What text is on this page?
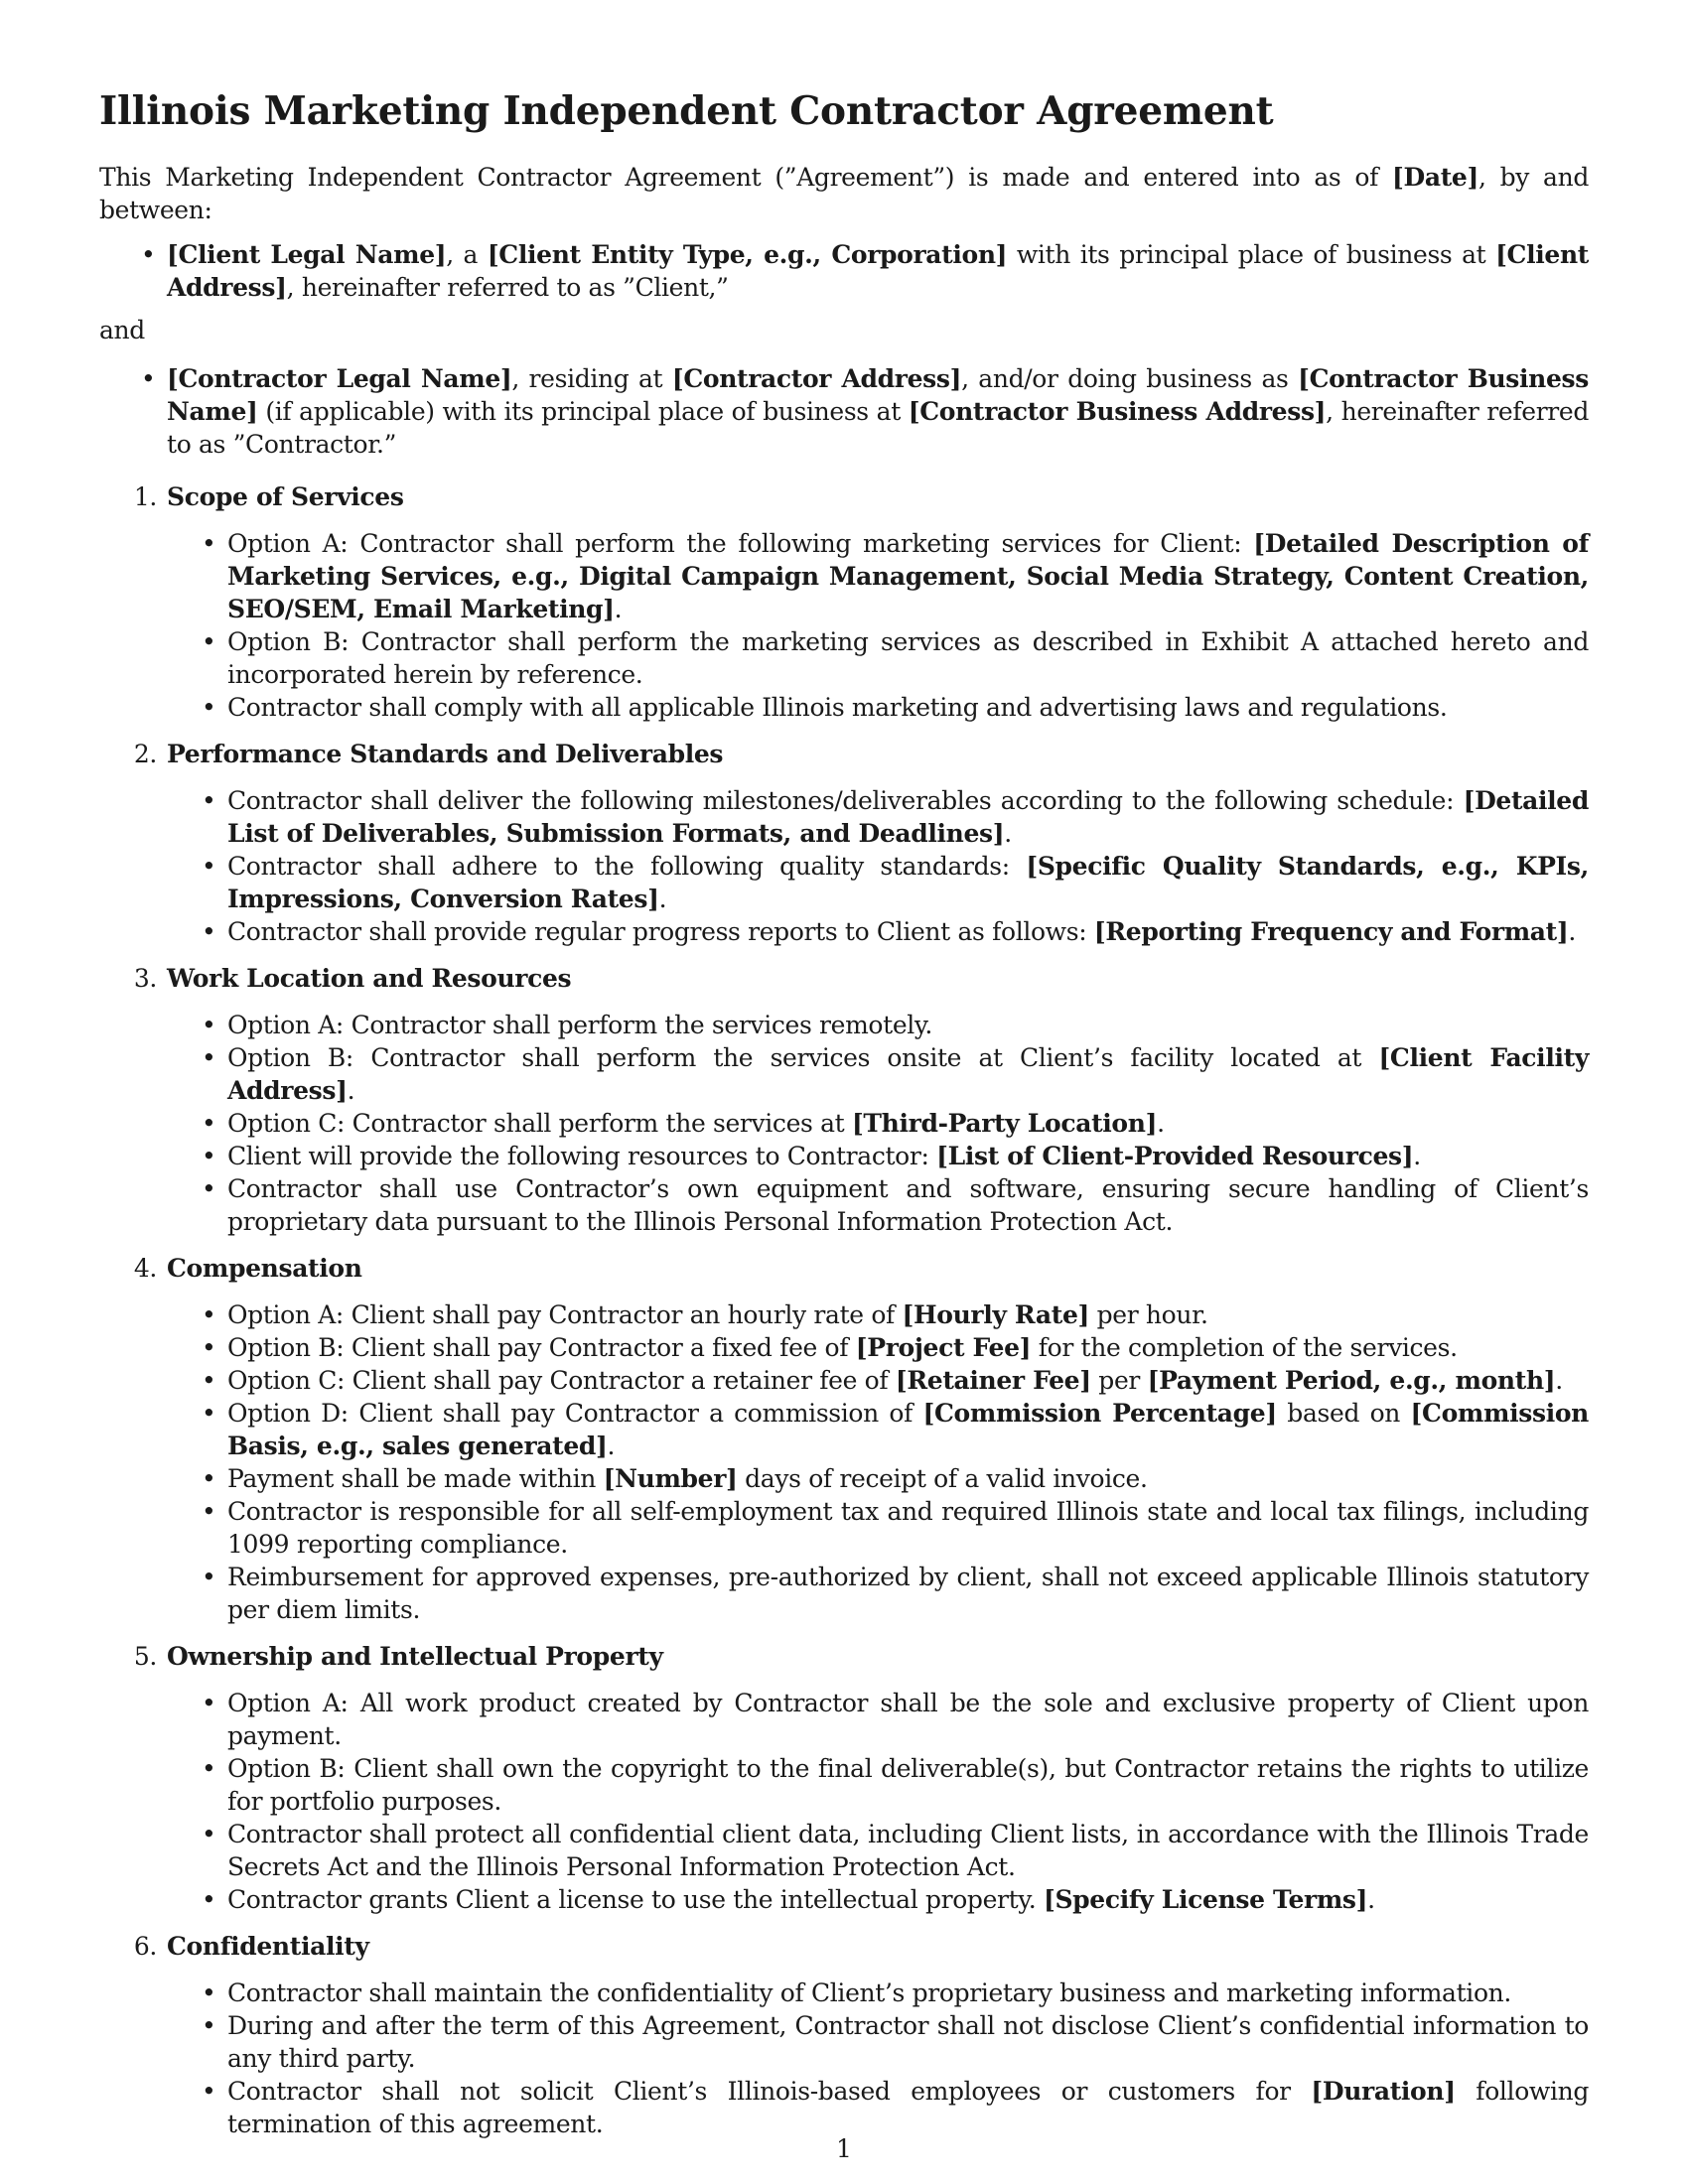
Illinois Marketing Independent Contractor Agreement

This Marketing Independent Contractor Agreement (”Agreement”) is made and entered into as of [Date], by and between:

• [Client Legal Name], a [Client Entity Type, e.g., Corporation] with its principal place of business at [Client Address], hereinafter referred to as ”Client,”

and

• [Contractor Legal Name], residing at [Contractor Address], and/or doing business as [Contractor Business Name] (if applicable) with its principal place of business at [Contractor Business Address], hereinafter referred to as ”Contractor.”
1. Scope of Services
• Option A: Contractor shall perform the following marketing services for Client: [Detailed Description of Marketing Services, e.g., Digital Campaign Management, Social Media Strategy, Content Creation, SEO/SEM, Email Marketing].
• Option B: Contractor shall perform the marketing services as described in Exhibit A attached hereto and incorporated herein by reference.
• Contractor shall comply with all applicable Illinois marketing and advertising laws and regulations.
2. Performance Standards and Deliverables
• Contractor shall deliver the following milestones/deliverables according to the following schedule: [Detailed List of Deliverables, Submission Formats, and Deadlines].
• Contractor shall adhere to the following quality standards: [Specific Quality Standards, e.g., KPIs, Impressions, Conversion Rates].
• Contractor shall provide regular progress reports to Client as follows: [Reporting Frequency and Format].
3. Work Location and Resources
• Option A: Contractor shall perform the services remotely.
• Option B: Contractor shall perform the services onsite at Client’s facility located at [Client Facility Address].
• Option C: Contractor shall perform the services at [Third-Party Location].
• Client will provide the following resources to Contractor: [List of Client-Provided Resources].
• Contractor shall use Contractor’s own equipment and software, ensuring secure handling of Client’s proprietary data pursuant to the Illinois Personal Information Protection Act.
4. Compensation
• Option A: Client shall pay Contractor an hourly rate of [Hourly Rate] per hour.
• Option B: Client shall pay Contractor a fixed fee of [Project Fee] for the completion of the services.
• Option C: Client shall pay Contractor a retainer fee of [Retainer Fee] per [Payment Period, e.g., month].
• Option D: Client shall pay Contractor a commission of [Commission Percentage] based on [Commission Basis, e.g., sales generated].
• Payment shall be made within [Number] days of receipt of a valid invoice.
• Contractor is responsible for all self-employment tax and required Illinois state and local tax filings, including 1099 reporting compliance.
• Reimbursement for approved expenses, pre-authorized by client, shall not exceed applicable Illinois statutory per diem limits.
5. Ownership and Intellectual Property
• Option A: All work product created by Contractor shall be the sole and exclusive property of Client upon payment.
• Option B: Client shall own the copyright to the final deliverable(s), but Contractor retains the rights to utilize for portfolio purposes.
• Contractor shall protect all confidential client data, including Client lists, in accordance with the Illinois Trade Secrets Act and the Illinois Personal Information Protection Act.
• Contractor grants Client a license to use the intellectual property. [Specify License Terms].
6. Confidentiality
• Contractor shall maintain the confidentiality of Client’s proprietary business and marketing information.
• During and after the term of this Agreement, Contractor shall not disclose Client’s confidential information to any third party.
• Contractor shall not solicit Client’s Illinois-based employees or customers for [Duration] following termination of this agreement.
1
